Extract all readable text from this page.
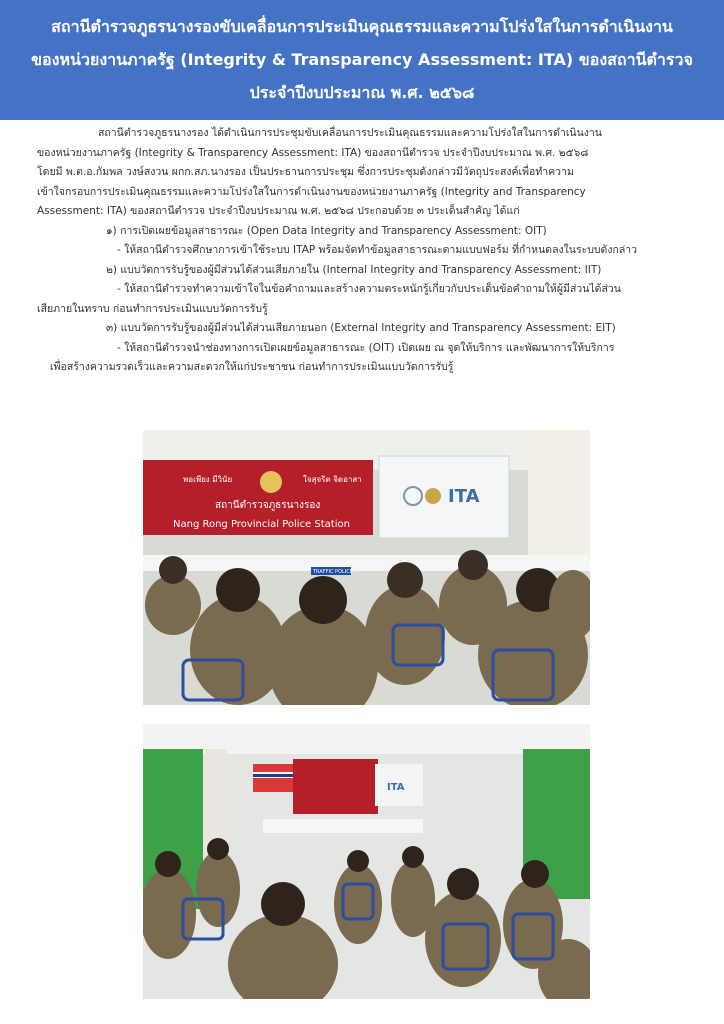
สถานีตำรวจภูธรนางรองขับเคลื่อนการประเมินคุณธรรมและความโปร่งใสในการดำเนินงาน

ของหน่วยงานภาครัฐ (Integrity & Transparency Assessment: ITA) ของสถานีตำรวจ

ประจำปีงบประมาณ พ.ศ. ๒๕๖๘

สถานีตำรวจภูธรนางรอง ได้ดำเนินการประชุมขับเคลื่อนการประเมินคุณธรรมและความโปร่งใสในการดำเนินงาน

ของหน่วยงานภาครัฐ (Integrity & Transparency Assessment: ITA) ของสถานีตำรวจ ประจำปีงบประมาณ พ.ศ. ๒๕๖๘

โดยมี พ.ต.อ.กัมพล วงษ์สงวน ผกก.สภ.นางรอง เป็นประธานการประชุม ซึ่งการประชุมดังกล่าวมีวัตถุประสงค์เพื่อทำความ

เข้าใจกรอบการประเมินคุณธรรมและความโปร่งใสในการดำเนินงานของหน่วยงานภาครัฐ (Integrity and Transparency

Assessment: ITA) ของสถานีตำรวจ ประจำปีงบประมาณ พ.ศ. ๒๕๖๘ ประกอบด้วย ๓ ประเด็นสำคัญ ได้แก่

๑) การเปิดเผยข้อมูลสาธารณะ (Open Data Integrity and Transparency Assessment: OIT)

- ให้สถานีตำรวจศึกษาการเข้าใช้ระบบ ITAP พร้อมจัดทำข้อมูลสาธารณะตามแบบฟอร์ม ที่กำหนดลงในระบบดังกล่าว

๒) แบบวัดการรับรู้ของผู้มีส่วนได้ส่วนเสียภายใน (Internal Integrity and Transparency Assessment: IIT)

- ให้สถานีตำรวจทำความเข้าใจในข้อคำถามและสร้างความตระหนักรู้เกี่ยวกับประเด็นข้อคำถามให้ผู้มีส่วนได้ส่วน

เสียภายในทราบ ก่อนทำการประเมินแบบวัดการรับรู้

๓) แบบวัดการรับรู้ของผู้มีส่วนได้ส่วนเสียภายนอก (External Integrity and Transparency Assessment: EIT)

- ให้สถานีตำรวจนำช่องทางการเปิดเผยข้อมูลสาธารณะ (OIT) เปิดเผย ณ จุดให้บริการ และพัฒนาการให้บริการ

เพื่อสร้างความรวดเร็วและความสะดวกให้แก่ประชาชน ก่อนทำการประเมินแบบวัดการรับรู้

พอเพียง มีวินัย	ใจสุจริต จิตอาสา
สถานีตำรวจภูธรนางรอง
Nang Rong Provincial Police Station
ITA
TRAFFIC POLICE
ITA
